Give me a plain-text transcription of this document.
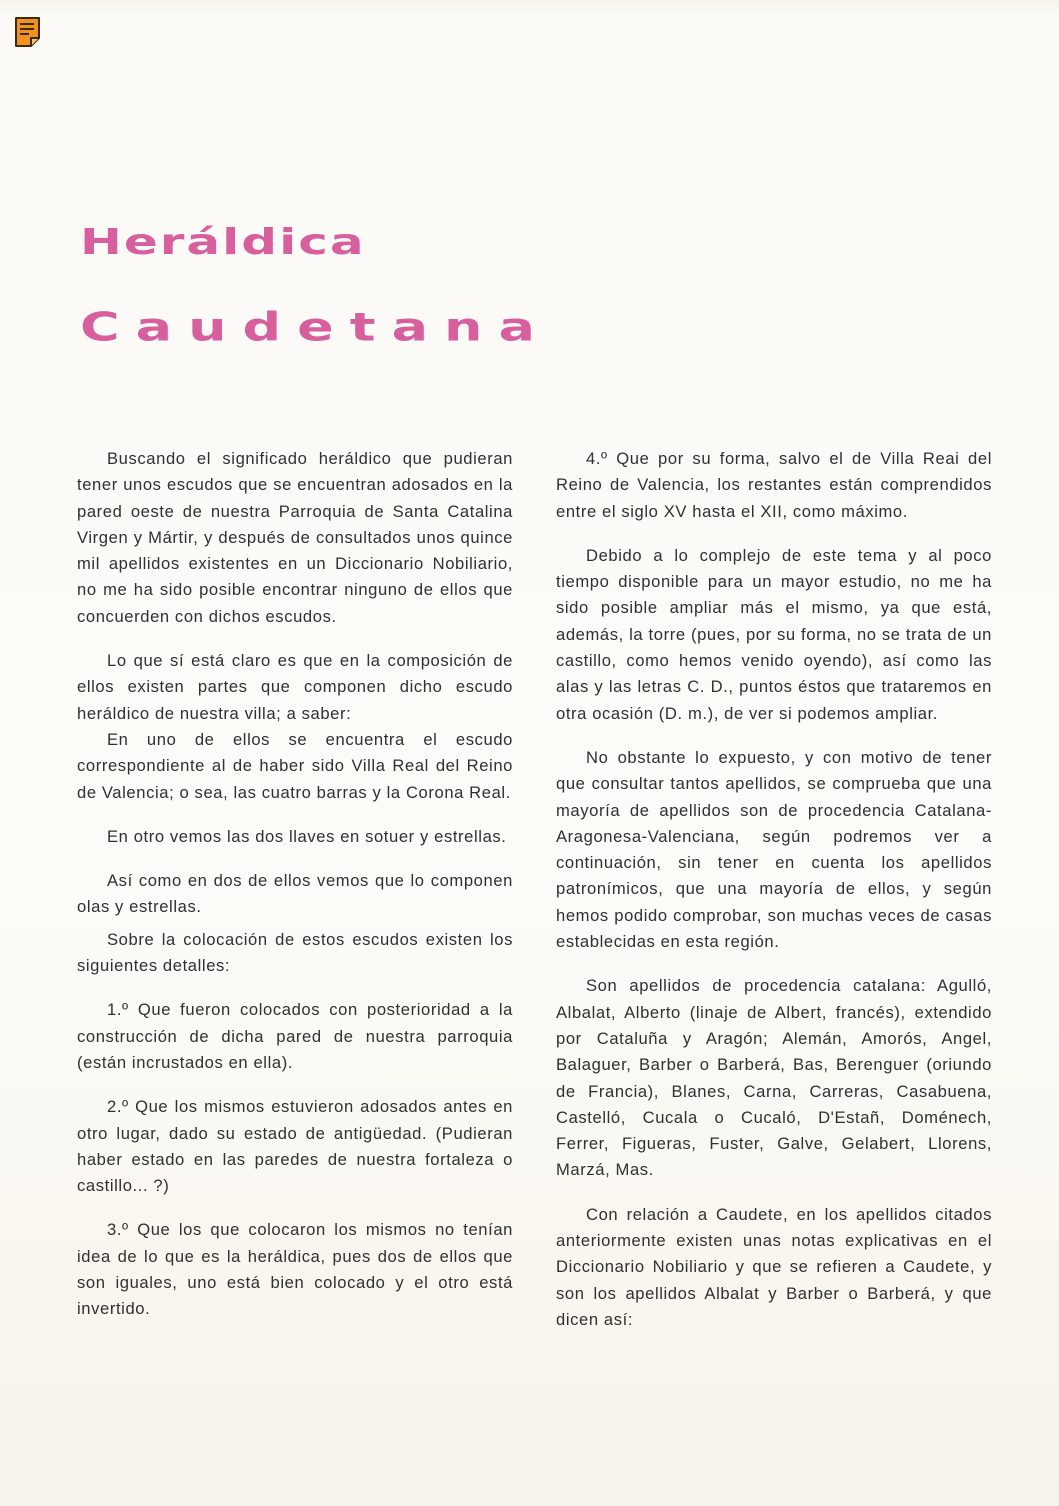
Heráldica
Caudetana

Buscando el significado heráldico que pudieran tener unos escudos que se encuentran adosados en la pared oeste de nuestra Parroquia de Santa Catalina Virgen y Mártir, y después de consultados unos quince mil apellidos existentes en un Diccionario Nobiliario, no me ha sido posible encontrar ninguno de ellos que concuerden con dichos escudos.

Lo que sí está claro es que en la composición de ellos existen partes que componen dicho escudo heráldico de nuestra villa; a saber:

En uno de ellos se encuentra el escudo correspondiente al de haber sido Villa Real del Reino de Valencia; o sea, las cuatro barras y la Corona Real.

En otro vemos las dos llaves en sotuer y estrellas.

Así como en dos de ellos vemos que lo componen olas y estrellas.

Sobre la colocación de estos escudos existen los siguientes detalles:

1.º Que fueron colocados con posterioridad a la construcción de dicha pared de nuestra parroquia (están incrustados en ella).

2.º Que los mismos estuvieron adosados antes en otro lugar, dado su estado de antigüedad. (Pudieran haber estado en las paredes de nuestra fortaleza o castillo... ?)

3.º Que los que colocaron los mismos no tenían idea de lo que es la heráldica, pues dos de ellos que son iguales, uno está bien colocado y el otro está invertido.

4.º Que por su forma, salvo el de Villa Reai del Reino de Valencia, los restantes están comprendidos entre el siglo XV hasta el XII, como máximo.

Debido a lo complejo de este tema y al poco tiempo disponible para un mayor estudio, no me ha sido posible ampliar más el mismo, ya que está, además, la torre (pues, por su forma, no se trata de un castillo, como hemos venido oyendo), así como las alas y las letras C. D., puntos éstos que trataremos en otra ocasión (D. m.), de ver si podemos ampliar.

No obstante lo expuesto, y con motivo de tener que consultar tantos apellidos, se comprueba que una mayoría de apellidos son de procedencia Catalana-Aragonesa-Valenciana, según podremos ver a continuación, sin tener en cuenta los apellidos patronímicos, que una mayoría de ellos, y según hemos podido comprobar, son muchas veces de casas establecidas en esta región.

Son apellidos de procedencia catalana: Agulló, Albalat, Alberto (linaje de Albert, francés), extendido por Cataluña y Aragón; Alemán, Amorós, Angel, Balaguer, Barber o Barberá, Bas, Berenguer (oriundo de Francia), Blanes, Carna, Carreras, Casabuena, Castelló, Cucala o Cucaló, D'Estañ, Doménech, Ferrer, Figueras, Fuster, Galve, Gelabert, Llorens, Marzá, Mas.

Con relación a Caudete, en los apellidos citados anteriormente existen unas notas explicativas en el Diccionario Nobiliario y que se refieren a Caudete, y son los apellidos Albalat y Barber o Barberá, y que dicen así:
